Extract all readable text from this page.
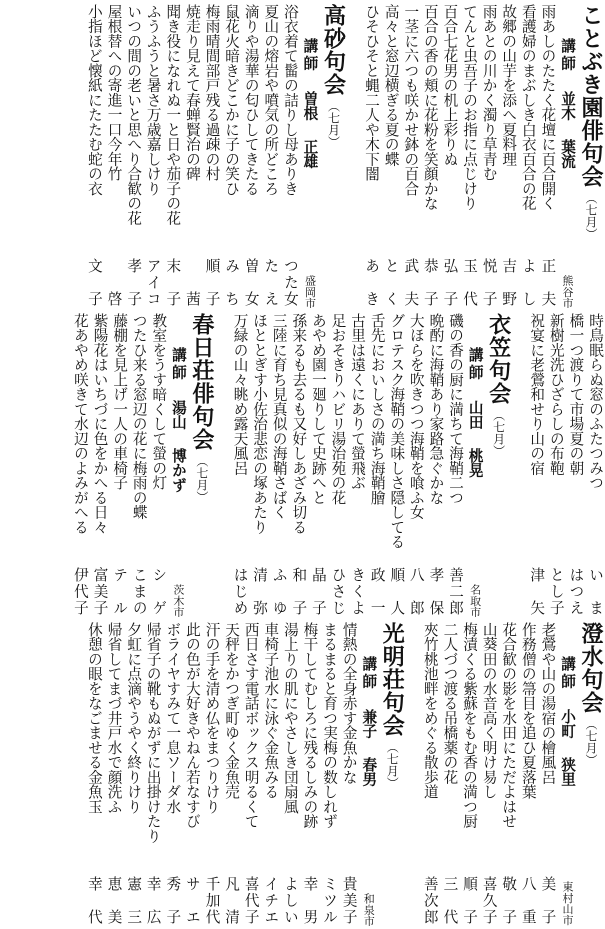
ことぶき園俳句会（七月）
講師並木葉流
熊谷市
雨あしのたたく花壇に百合開く
正　夫
看護婦のまぶしき白衣百合の花
よ　し
故郷の山芋を添へ夏料理
吉　野
雨あとの川かく濁り草青む
悦　子
てんと虫吾子のお指に点じけり
玉　代
百合七花男の机上彩りぬ
弘　子
百合の香の頬に花粉を笑顔かな
恭　子
一茎に六つも咲かせ鉢の百合
武　夫
高々と窓辺横ぎる夏の蝶
と　く
ひそひそと蝿二人や木下闇
あ　き
高砂句会（七月）
講師曽根正雄
盛岡市
浴衣着て髷の詰りし母ありき
つた女
夏山の熔岩や噴気の所どころ
た　え
滴りや湯華の匂ひしてきたる
曽　女
鼠花火暗きどこかに子の笑ひ
み　ち
梅雨晴間部戸残る過疎の村
順　子
焼走り見えて春蝉賢治の碑
茜
聞き役になれぬ一と日や茄子の花
末　子
ふうふうと暑さ万歳嘉しけり
アイコ
いつの間の老いと思へり合歓の花
孝　子
屋根替への寄進一口今年竹
啓
小指ほど懐紙にたたむ蛇の衣
文　子
時鳥眠らぬ窓のふたつみつ
い　ま
橋一つ渡りて市場夏の朝
はつえ
新樹光洗ひざらしの布鞄
とし子
祝宴に老鶯和せり山の宿
津　矢
衣笠句会（七月）
講師山田桃晃
名取市
磯の香の厨に満ちて海鞘二つ
善二郎
晩酌に海鞘あり家路急ぐかな
孝　保
大ほらを吹きつつ海鞘を喰ふ女
八　郎
グロテスク海鞘の美味しさ隠してる
順　人
舌先においしさの満ち海鞘膾
政　一
古里は遠くにありて螢飛ぶ
きくよ
足おそきりハビリ湯治苑の花
ひさじ
あやめ園一廻りして史跡へと
晶　子
孫来るも去るも又好しあざみ切る
和　子
三陸に育ち見真似の海鞘さばく
ふ　ゆ
ほととぎす小佐治悲恋の塚あたり
清　弥
万緑の山々眺め露天風呂
はじめ
春日荘俳句会（七月）
講師湯山博かず
茨木市
教室をうす暗くして螢の灯
シ　ゲ
つたひ来る窓辺の花に梅雨の蝶
こまの
藤棚を見上げ一人の車椅子
テ　ル
紫陽花はいちづに色をかへる日々
富美子
花あやめ咲きて水辺のよみがへる
伊代子
澄水句会（七月）
講師小町狭里
東村山市
老鶯や山の湯宿の檜風呂
美　子
作務僧の箒目を追ひ夏落葉
八　重
花合歓の影を水田にただよはせ
敬　子
山葵田の水音高く明け易し
喜久子
梅漬くる紫蘇をもむ香の満つ厨
順　子
二人づつ渡る吊橋薬の花
三　代
夾竹桃池畔をめぐる散歩道
善次郎
光明荘句会（七月）
講師兼子春男
和泉市
情熱の全身赤す金魚かな
貴美子
まるまると育つ実梅の数しれず
ミツル
梅干してむしろに残るしみの跡
幸　男
湯上りの肌にやさしき団扇風
よしい
車椅子池水に泳ぐ金魚みる
イチエ
西日さす電話ボックス明るくて
喜代子
天秤をかつぎ町ゆく金魚売
凡　清
汗の手を清め仏をまつりけり
千加代
此の色が大好きやねん若なすび
サ　エ
ボライヤすみて一息ソーダ水
秀　子
帰省子の靴もぬがずに出掛けたり
幸　広
夕虹に点滴やうやく終りけり
憲　三
帰省してまづ井戸水で顔洗ふ
恵　美
休憩の眼をなごませる金魚玉
幸　代
